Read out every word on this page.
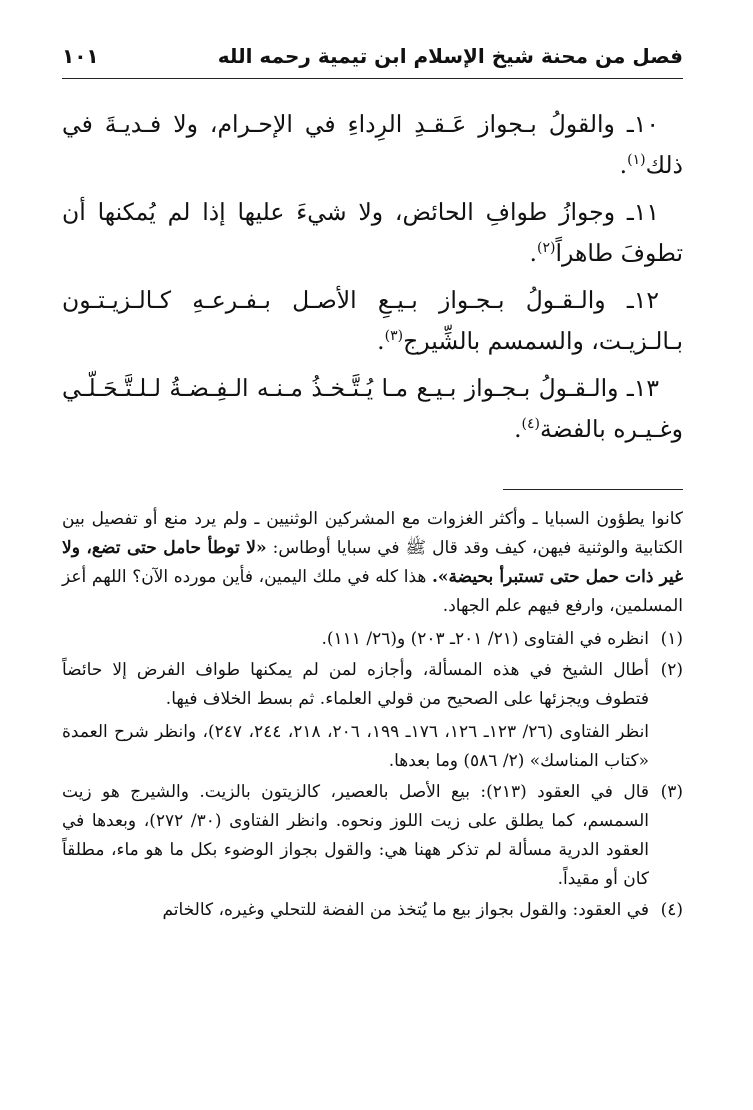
فصل من محنة شيخ الإسلام ابن تيمية رحمه الله
١٠١

١٠ـ والقولُ بـجواز عَـقـدِ الرِداءِ في الإحـرام، ولا فـديـةَ في ذلك$^{(١)}$.

١١ـ وجوازُ طوافِ الحائض، ولا شيءَ عليها إذا لم يُمكنها أن تطوفَ طاهراً$^{(٢)}$.

١٢ـ والـقـولُ بـجـواز بـيـعِ الأصـل بـفـرعـهِ كـالـزيـتـون بـالـزيـت، والسمسم بالشِّيرج$^{(٣)}$.

١٣ـ والـقـولُ بـجـواز بـيـع مـا يُـتَّـخـذُ مـنـه الـفِـضـةُ لـلـتَّـحَـلّـي وغـيـره بالفضة$^{(٤)}$.

كانوا يطؤون السبايا ـ وأكثر الغزوات مع المشركين الوثنيين ـ ولم يرد منع أو تفصيل بين الكتابية والوثنية فيهن، كيف وقد قال ﷺ في سبايا أوطاس: «لا توطأ حامل حتى تضع، ولا غير ذات حمل حتى تستبرأ بحيضة». هذا كله في ملك اليمين، فأين مورده الآن؟ اللهم أعز المسلمين، وارفع فيهم علم الجهاد.

(١)
انظره في الفتاوى (٢١/ ٢٠١ـ ٢٠٣) و(٢٦/ ١١١).
(٢)
أطال الشيخ في هذه المسألة، وأجازه لمن لم يمكنها طواف الفرض إلا حائضاً فتطوف ويجزئها على الصحيح من قولي العلماء. ثم بسط الخلاف فيها.

انظر الفتاوى (٢٦/ ١٢٣ـ ١٢٦، ١٧٦ـ ١٩٩، ٢٠٦، ٢١٨، ٢٤٤، ٢٤٧)، وانظر شرح العمدة «كتاب المناسك» (٢/ ٥٨٦) وما بعدها.

(٣)
قال في العقود (٢١٣): بيع الأصل بالعصير، كالزيتون بالزيت. والشيرج هو زيت السمسم، كما يطلق على زيت اللوز ونحوه. وانظر الفتاوى (٣٠/ ٢٧٢)، وبعدها في العقود الدرية مسألة لم تذكر ههنا هي: والقول بجواز الوضوء بكل ما هو ماء، مطلقاً كان أو مقيداً.
(٤)
في العقود: والقول بجواز بيع ما يُتخذ من الفضة للتحلي وغيره، كالخاتم
